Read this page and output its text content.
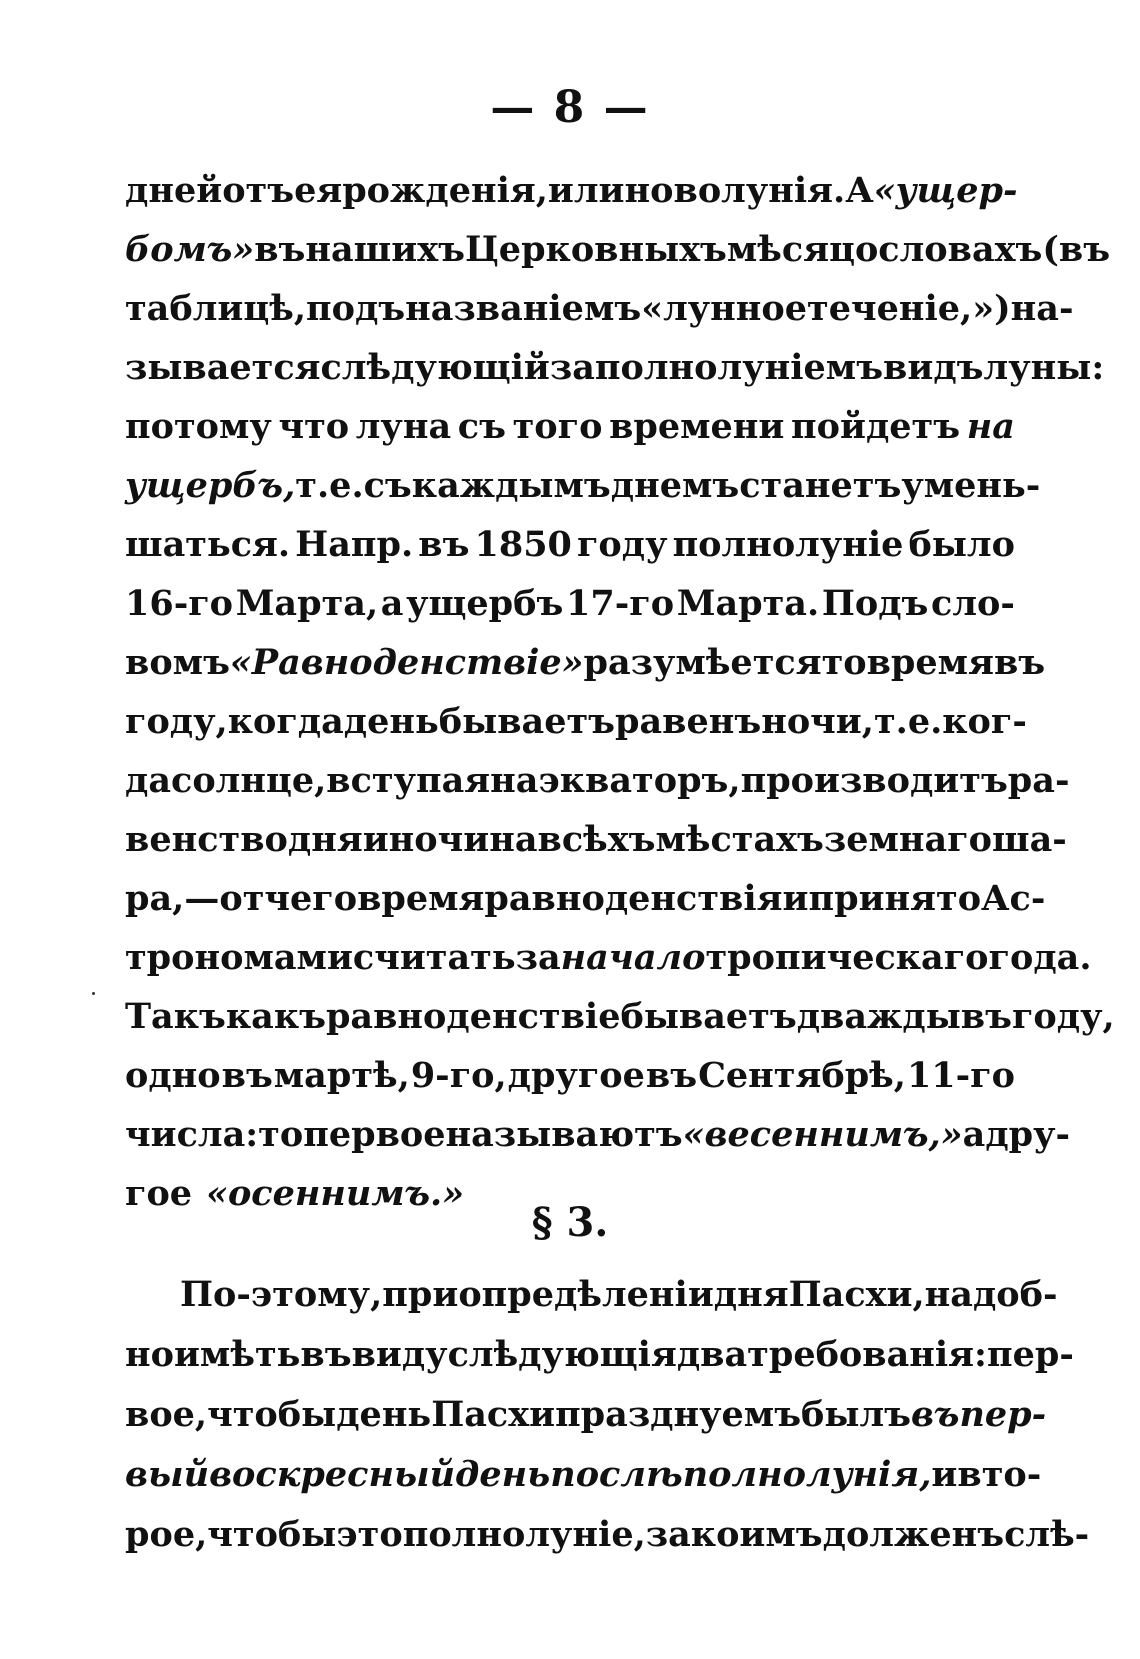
— 8 —
дней отъ ея рожденія, или новолунія. А «ущер-
бомъ» въ нашихъ Церковныхъ мѣсяцословахъ (въ
таблицѣ, подъ названіемъ «лунное теченіе,») на-
зывается слѣдующій за полнолуніемъ видъ луны :
потому что луна съ того времени пойдетъ на
ущербъ, т. е. съ каждымъ днемъ станетъ умень-
шаться. Напр. въ 1850 году полнолуніе было
16-го Марта, а ущербъ 17-го Марта. Подъ сло-
вомъ «Равноденствіе» разумѣется то время въ
году, когда день бываетъ равенъ ночи, т. е. ког-
да солнце, вступая на экваторъ, производитъ ра-
венство дня и ночи на всѣхъ мѣстахъ земнаго ша-
ра, — отчего время равноденствія и принято Ас-
трономами считать за начало тропическаго года.
Такъ какъ равноденствіе бываетъ дважды въ году,
одно въ мартѣ, 9-го, другое въ Сентябрѣ, 11-го
числа: то первое называютъ «весеннимъ,» а дру-
гое «осеннимъ.»
§ 3.
По-этому, при опредѣленіи дня Пасхи, надоб-
но имѣть въ виду слѣдующія два требованія: пер-
вое, что бы день Пасхи празднуемъ былъ въ пер-
вый воскресный день послѣ полнолунія, и вто-
рое, чтобы это полнолуніе, за коимъ долженъ слѣ-
